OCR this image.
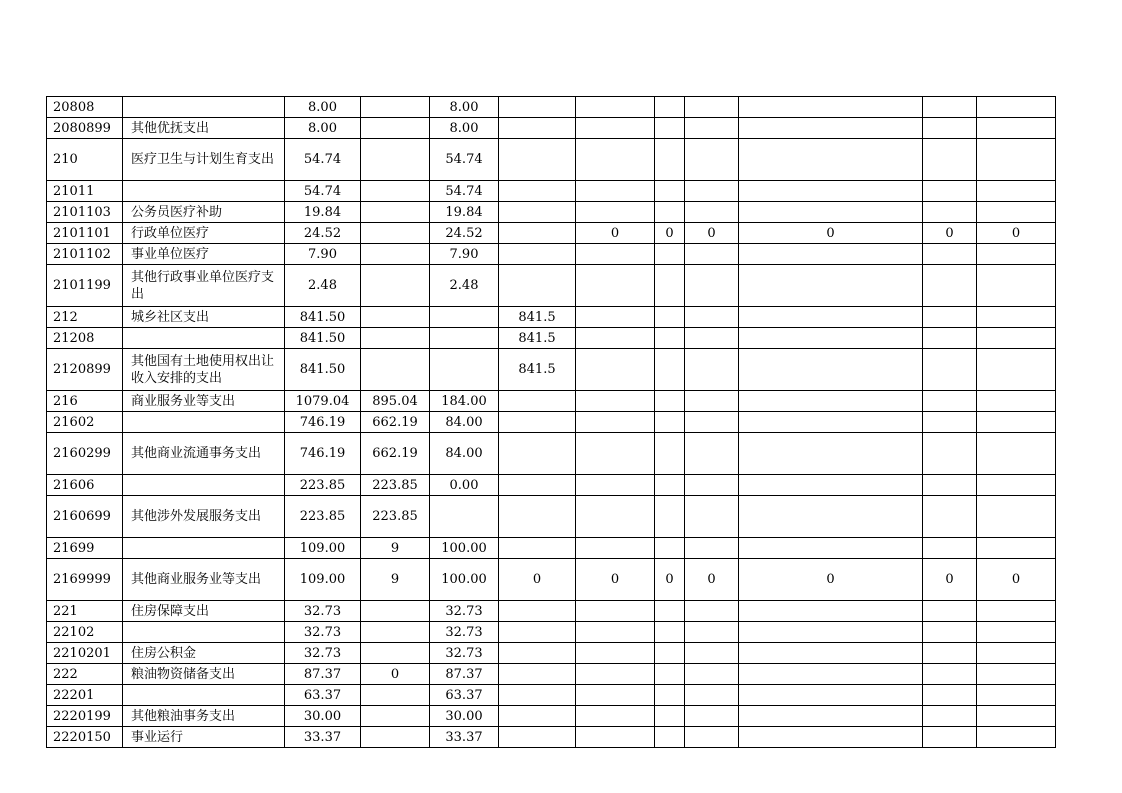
20808		8.00		8.00							
2080899	其他优抚支出	8.00		8.00							
210	医疗卫生与计划生育支出	54.74		54.74							
21011		54.74		54.74							
2101103	公务员医疗补助	19.84		19.84							
2101101	行政单位医疗	24.52		24.52		0	0	0	0	0	0
2101102	事业单位医疗	7.90		7.90							
2101199	其他行政事业单位医疗支出	2.48		2.48							
212	城乡社区支出	841.50			841.5						
21208		841.50			841.5						
2120899	其他国有土地使用权出让收入安排的支出	841.50			841.5						
216	商业服务业等支出	1079.04	895.04	184.00							
21602		746.19	662.19	84.00							
2160299	其他商业流通事务支出	746.19	662.19	84.00							
21606		223.85	223.85	0.00							
2160699	其他涉外发展服务支出	223.85	223.85								
21699		109.00	9	100.00							
2169999	其他商业服务业等支出	109.00	9	100.00	0	0	0	0	0	0	0
221	住房保障支出	32.73		32.73							
22102		32.73		32.73							
2210201	住房公积金	32.73		32.73							
222	粮油物资储备支出	87.37	0	87.37							
22201		63.37		63.37							
2220199	其他粮油事务支出	30.00		30.00							
2220150	事业运行	33.37		33.37							
